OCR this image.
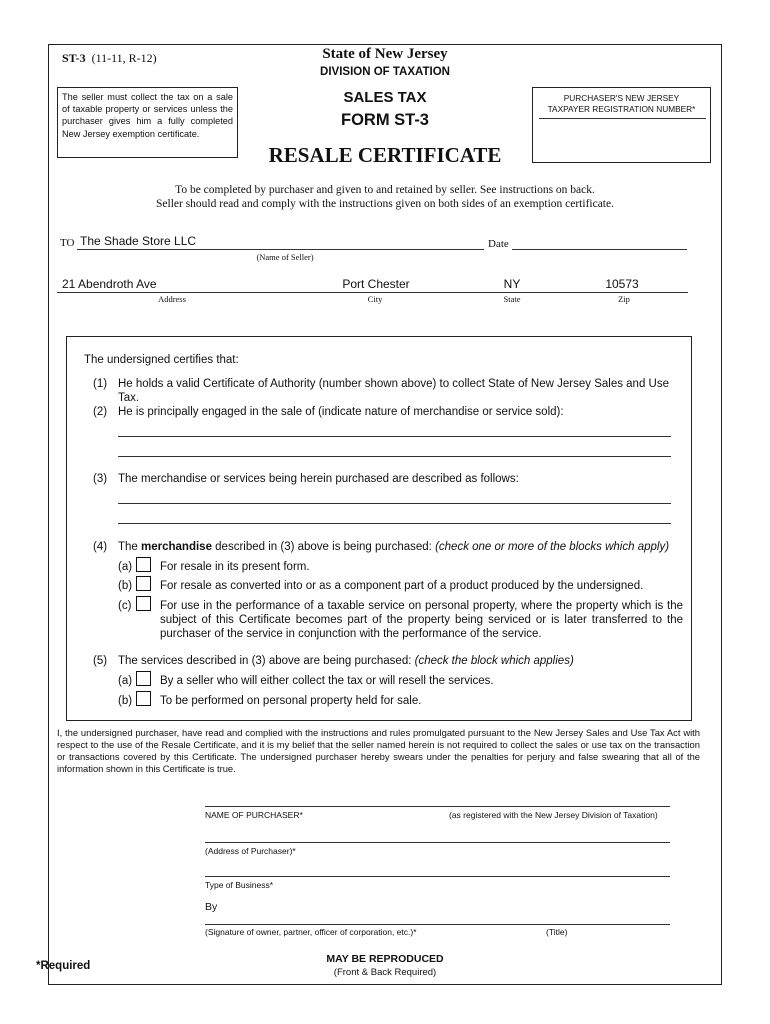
ST-3 (11-11, R-12)	State of New Jersey
DIVISION OF TAXATION
The seller must collect the tax on a sale of taxable property or services unless the purchaser gives him a fully completed New Jersey exemption certificate.
SALES TAX
FORM ST-3
RESALE CERTIFICATE
PURCHASER'S NEW JERSEY
TAXPAYER REGISTRATION NUMBER*
To be completed by purchaser and given to and retained by seller. See instructions on back.
Seller should read and comply with the instructions given on both sides of an exemption certificate.
TO The Shade Store LLC
(Name of Seller)
Date
21 Abendroth Ave	Port Chester	NY	10573
Address	City	State	Zip
The undersigned certifies that:
(1) He holds a valid Certificate of Authority (number shown above) to collect State of New Jersey Sales and Use Tax.
(2) He is principally engaged in the sale of (indicate nature of merchandise or service sold):
(3) The merchandise or services being herein purchased are described as follows:
(4) The merchandise described in (3) above is being purchased: (check one or more of the blocks which apply)
(a) For resale in its present form.
(b) For resale as converted into or as a component part of a product produced by the undersigned.
(c) For use in the performance of a taxable service on personal property, where the property which is the subject of this Certificate becomes part of the property being serviced or is later transferred to the purchaser of the service in conjunction with the performance of the service.
(5) The services described in (3) above are being purchased: (check the block which applies)
(a) By a seller who will either collect the tax or will resell the services.
(b) To be performed on personal property held for sale.
I, the undersigned purchaser, have read and complied with the instructions and rules promulgated pursuant to the New Jersey Sales and Use Tax Act with respect to the use of the Resale Certificate, and it is my belief that the seller named herein is not required to collect the sales or use tax on the transaction or transactions covered by this Certificate. The undersigned purchaser hereby swears under the penalties for perjury and false swearing that all of the information shown in this Certificate is true.
NAME OF PURCHASER*	(as registered with the New Jersey Division of Taxation)
(Address of Purchaser)*
Type of Business*
By
(Signature of owner, partner, officer of corporation, etc.)*	(Title)
*Required
MAY BE REPRODUCED
(Front & Back Required)
